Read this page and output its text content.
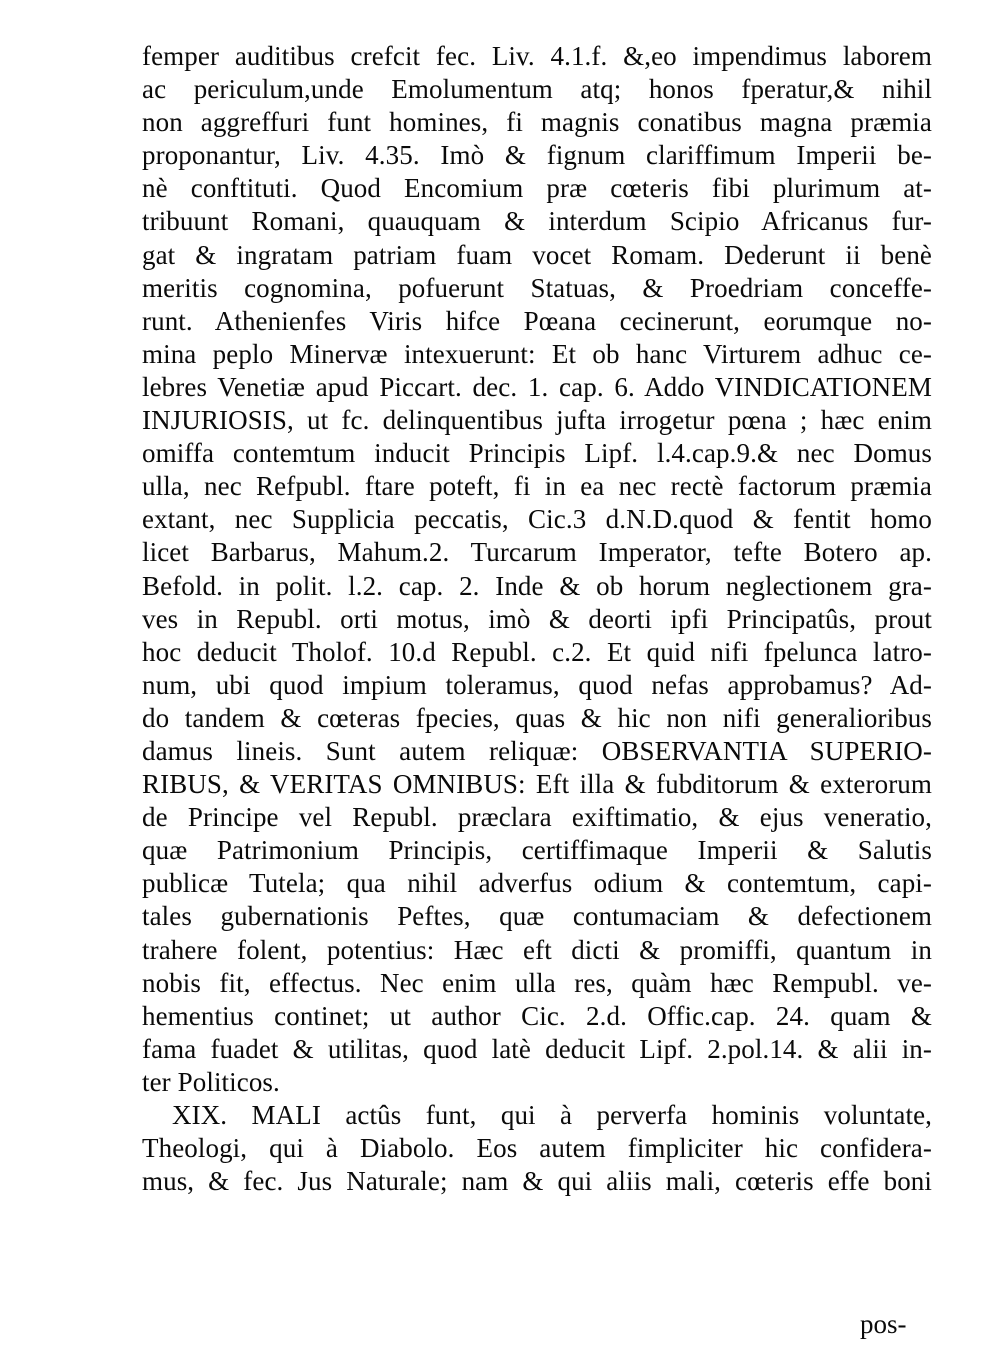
femper auditibus crefcit fec. Liv. 4.1.f. &,eo impendimus laborem
ac periculum,unde Emolumentum atq; honos fperatur,& nihil
non aggreffuri funt homines, fi magnis conatibus magna præmia
proponantur, Liv. 4.35. Imò & fignum clariffimum Imperii be-
nè conftituti. Quod Encomium præ cœteris fibi plurimum at-
tribuunt Romani, quauquam & interdum Scipio Africanus fur-
gat & ingratam patriam fuam vocet Romam. Dederunt ii benè
meritis cognomina, pofuerunt Statuas, & Proedriam conceffe-
runt. Athenienfes Viris hifce Pœana cecinerunt, eorumque no-
mina peplo Minervæ intexuerunt: Et ob hanc Virturem adhuc ce-
lebres Venetiæ apud Piccart. dec. 1. cap. 6. Addo VINDICATIONEM
INJURIOSIS, ut fc. delinquentibus jufta irrogetur pœna ; hæc enim
omiffa contemtum inducit Principis Lipf. l.4.cap.9.& nec Domus
ulla, nec Refpubl. ftare poteft, fi in ea nec rectè factorum præmia
extant, nec Supplicia peccatis, Cic.3 d.N.D.quod & fentit homo
licet Barbarus, Mahum.2. Turcarum Imperator, tefte Botero ap.
Befold. in polit. l.2. cap. 2. Inde & ob horum neglectionem gra-
ves in Republ. orti motus, imò & deorti ipfi Principatûs, prout
hoc deducit Tholof. 10.d Republ. c.2. Et quid nifi fpelunca latro-
num, ubi quod impium toleramus, quod nefas approbamus? Ad-
do tandem & cœteras fpecies, quas & hic non nifi generalioribus
damus lineis. Sunt autem reliquæ: OBSERVANTIA SUPERIO-
RIBUS, & VERITAS OMNIBUS: Eft illa & fubditorum & exterorum
de Principe vel Republ. præclara exiftimatio, & ejus veneratio,
quæ Patrimonium Principis, certiffimaque Imperii & Salutis
publicæ Tutela; qua nihil adverfus odium & contemtum, capi-
tales gubernationis Peftes, quæ contumaciam & defectionem
trahere folent, potentius: Hæc eft dicti & promiffi, quantum in
nobis fit, effectus. Nec enim ulla res, quàm hæc Rempubl. ve-
hementius continet; ut author Cic. 2.d. Offic.cap. 24. quam &
fama fuadet & utilitas, quod latè deducit Lipf. 2.pol.14. & alii in-
ter Politicos.
XIX. MALI actûs funt, qui à perverfa hominis voluntate,
Theologi, qui à Diabolo. Eos autem fimpliciter hic confidera-
mus, & fec. Jus Naturale; nam & qui aliis mali, cœteris effe boni
pos-
